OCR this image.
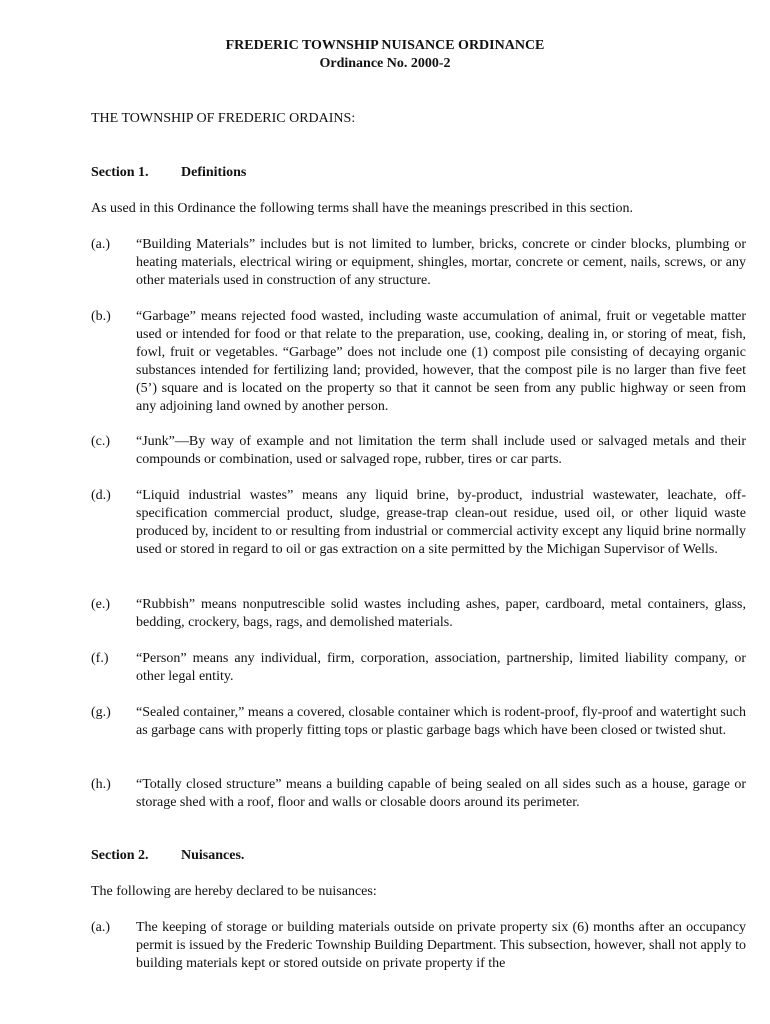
FREDERIC TOWNSHIP NUISANCE ORDINANCE
Ordinance No. 2000-2
THE TOWNSHIP OF FREDERIC ORDAINS:
Section 1. Definitions
As used in this Ordinance the following terms shall have the meanings prescribed in this section.
(a.) “Building Materials” includes but is not limited to lumber, bricks, concrete or cinder blocks, plumbing or heating materials, electrical wiring or equipment, shingles, mortar, concrete or cement, nails, screws, or any other materials used in construction of any structure.
(b.) “Garbage” means rejected food wasted, including waste accumulation of animal, fruit or vegetable matter used or intended for food or that relate to the preparation, use, cooking, dealing in, or storing of meat, fish, fowl, fruit or vegetables. “Garbage” does not include one (1) compost pile consisting of decaying organic substances intended for fertilizing land; provided, however, that the compost pile is no larger than five feet (5’) square and is located on the property so that it cannot be seen from any public highway or seen from any adjoining land owned by another person.
(c.) “Junk”—By way of example and not limitation the term shall include used or salvaged metals and their compounds or combination, used or salvaged rope, rubber, tires or car parts.
(d.) “Liquid industrial wastes” means any liquid brine, by-product, industrial wastewater, leachate, off-specification commercial product, sludge, grease-trap clean-out residue, used oil, or other liquid waste produced by, incident to or resulting from industrial or commercial activity except any liquid brine normally used or stored in regard to oil or gas extraction on a site permitted by the Michigan Supervisor of Wells.
(e.) “Rubbish” means nonputrescible solid wastes including ashes, paper, cardboard, metal containers, glass, bedding, crockery, bags, rags, and demolished materials.
(f.) “Person” means any individual, firm, corporation, association, partnership, limited liability company, or other legal entity.
(g.) “Sealed container,” means a covered, closable container which is rodent-proof, fly-proof and watertight such as garbage cans with properly fitting tops or plastic garbage bags which have been closed or twisted shut.
(h.) “Totally closed structure” means a building capable of being sealed on all sides such as a house, garage or storage shed with a roof, floor and walls or closable doors around its perimeter.
Section 2. Nuisances.
The following are hereby declared to be nuisances:
(a.) The keeping of storage or building materials outside on private property six (6) months after an occupancy permit is issued by the Frederic Township Building Department. This subsection, however, shall not apply to building materials kept or stored outside on private property if the
